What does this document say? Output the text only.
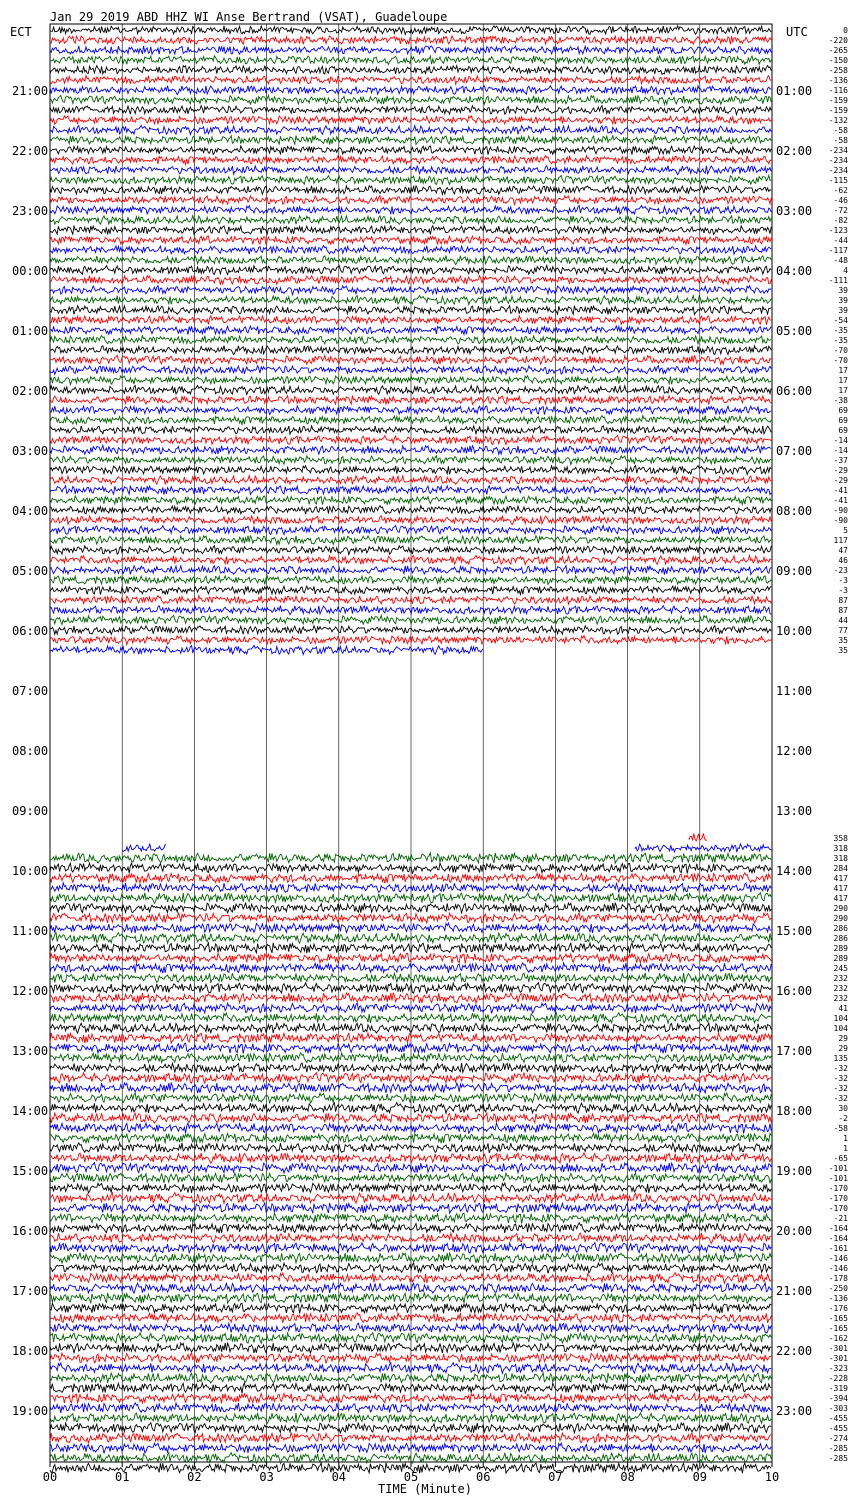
Jan 29 2019 ABD HHZ WI Anse Bertrand (VSAT), Guadeloupe
ECT	UTC
21:00
22:00
23:00
00:00
01:00
02:00
03:00
04:00
05:00
06:00
07:00
08:00
09:00
10:00
11:00
12:00
13:00
14:00
15:00
16:00
17:00
18:00
19:00
01:00
02:00
03:00
04:00
05:00
06:00
07:00
08:00
09:00
10:00
11:00
12:00
13:00
14:00
15:00
16:00
17:00
18:00
19:00
20:00
21:00
22:00
23:00
0
-220
-265
-150
-258
-136
-116
-159
-159
-132
-58
-58
-234
-234
-234
-115
-62
-46
-72
-82
-123
-44
-117
-48
4
-111
39
39
39
-54
-35
-35
-70
-70
17
17
17
-38
69
69
69
-14
-14
-37
-29
-29
-41
-41
-90
-90
5
117
47
46
-23
-3
-3
87
87
44
77
35
35
358
318
318
284
417
417
417
290
290
286
286
289
289
245
232
232
232
41
104
104
29
29
135
-32
-32
-32
-32
30
-2
-58
1
1
-65
-101
-101
-170
-170
-170
-21
-164
-164
-161
-146
-146
-178
-250
-136
-176
-165
-165
-162
-301
-301
-323
-228
-319
-394
-303
-455
-455
-274
-285
-285
00	01	02	03	04	05	06	07	08	09	10
TIME (Minute)
